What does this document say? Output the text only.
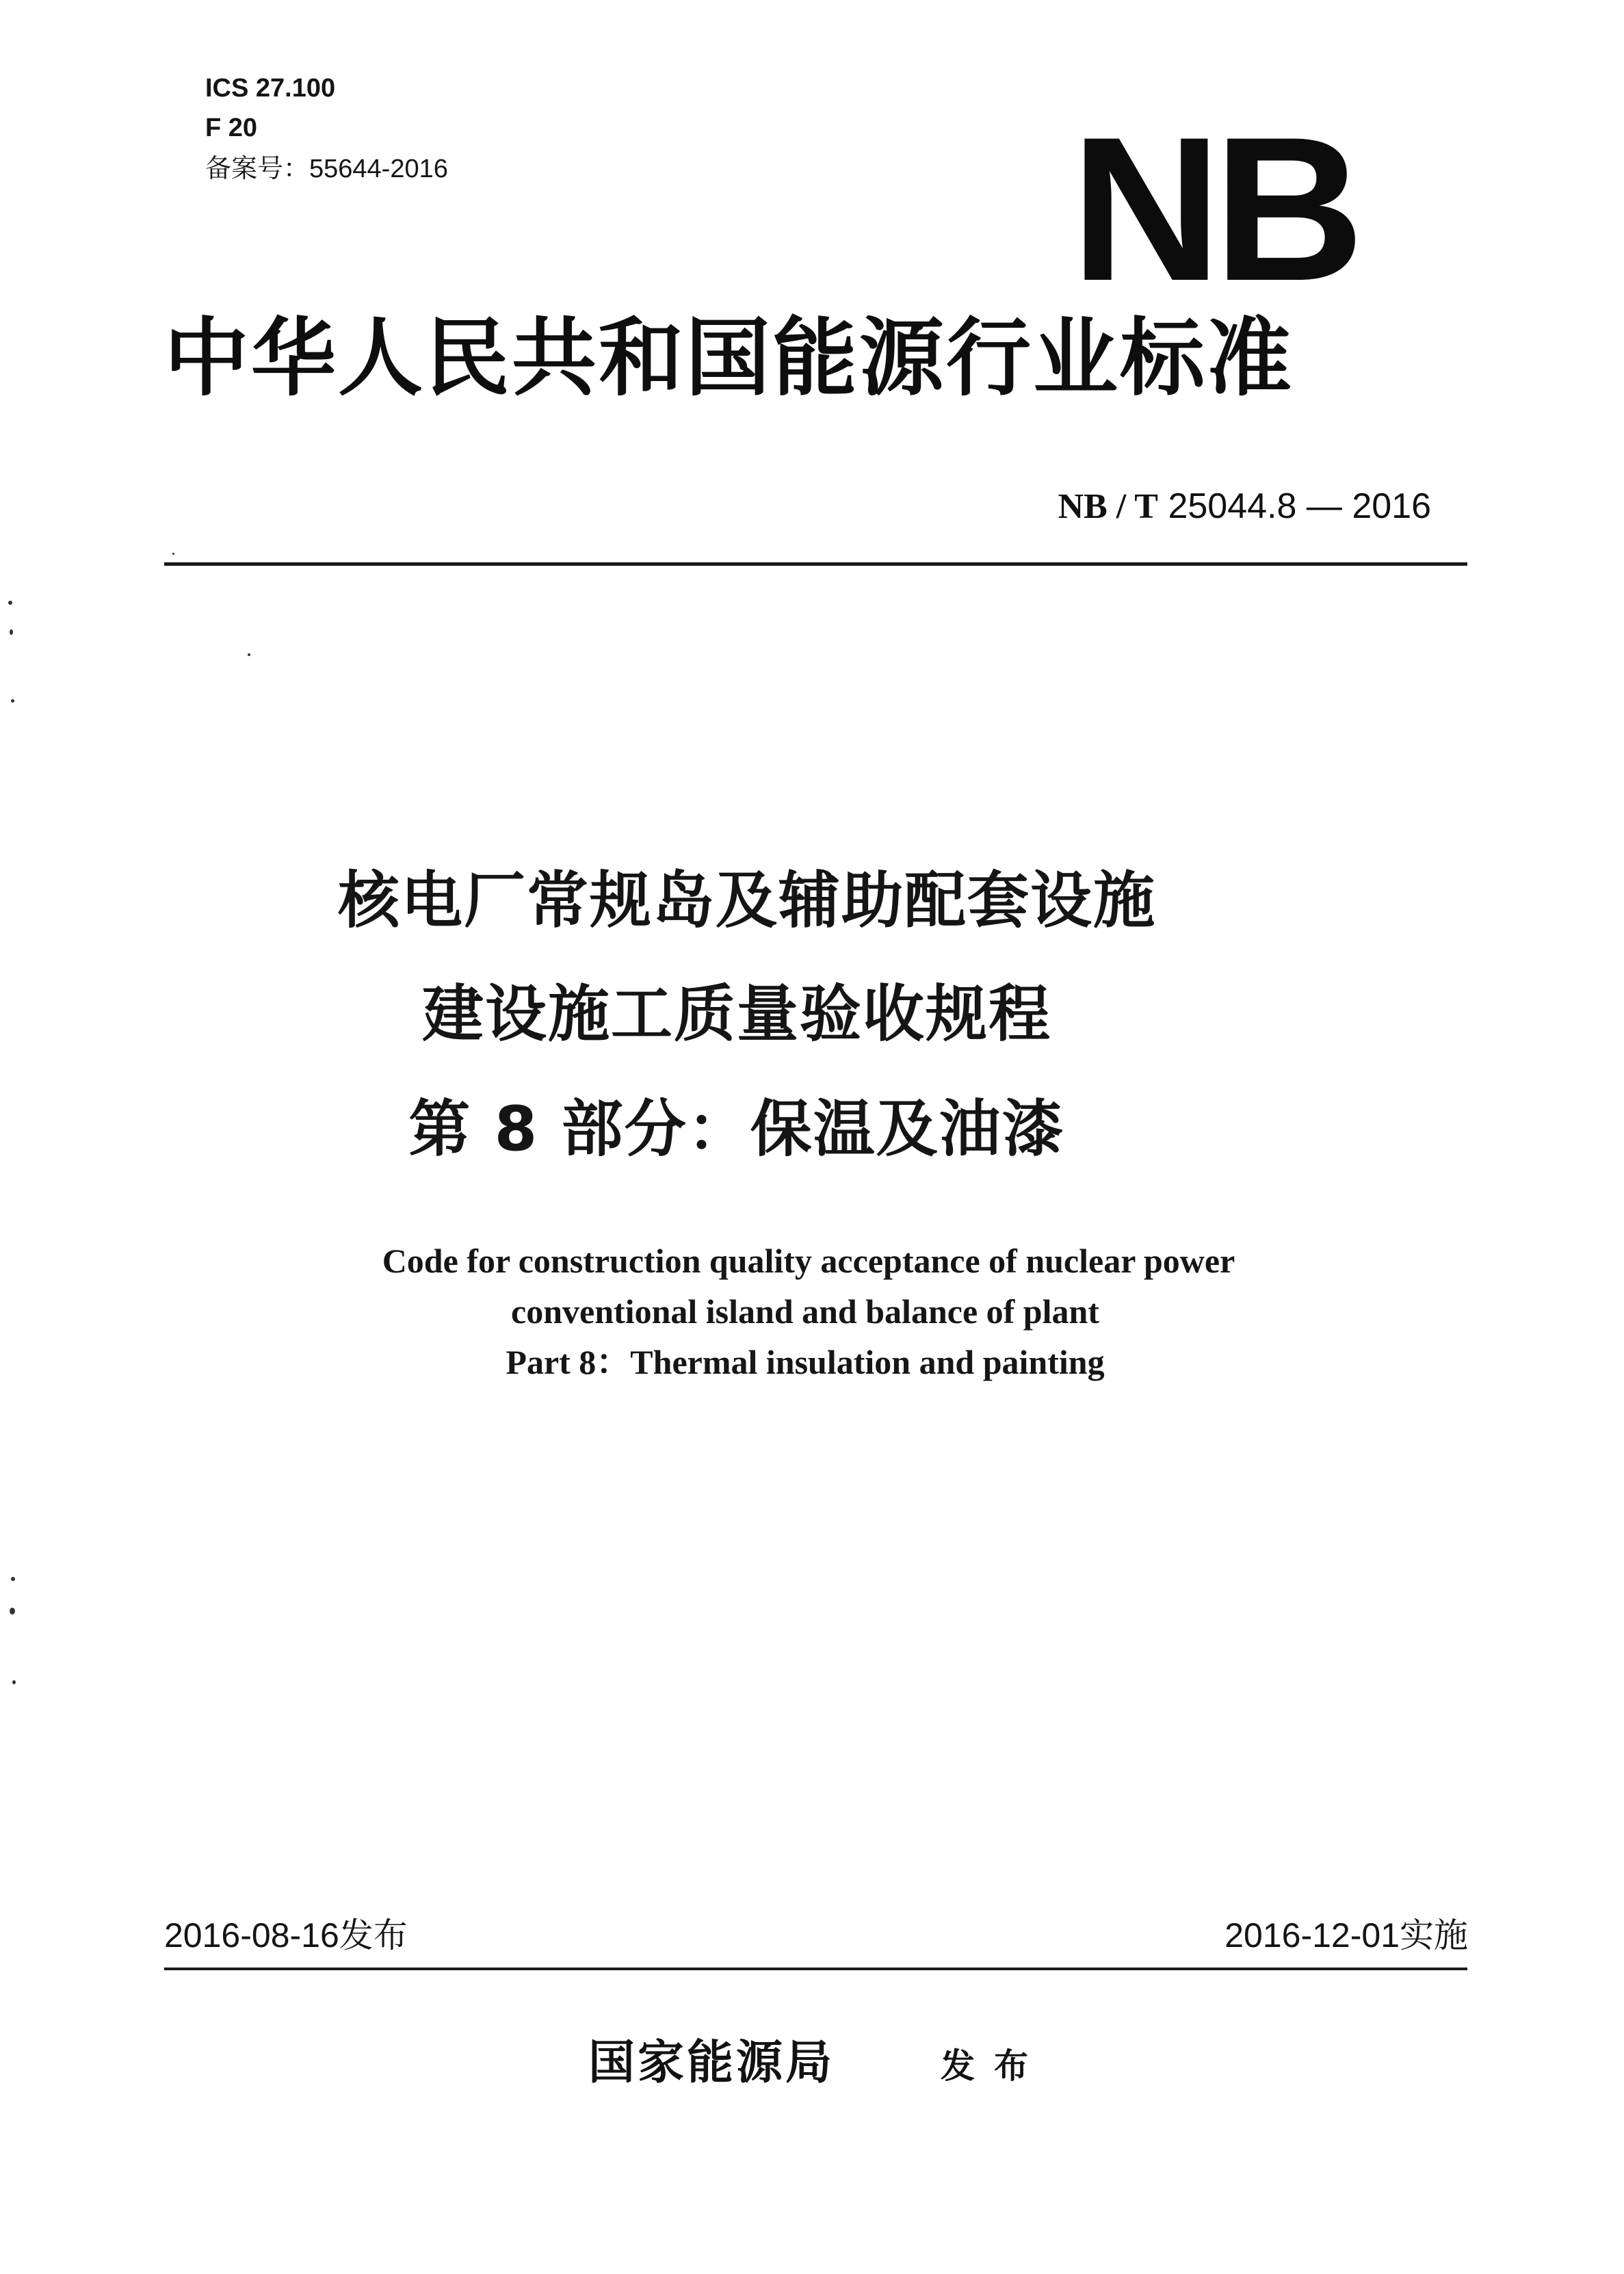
ICS 27.100
F 20
备案号：55644-2016	NB
中华人民共和国能源行业标准
NB / T 25044.8 — 2016
核电厂常规岛及辅助配套设施
建设施工质量验收规程
第 8 部分：保温及油漆
Code for construction quality acceptance of nuclear power
conventional island and balance of plant
Part 8：Thermal insulation and painting
2016-08-16发布	2016-12-01实施
国家能源局	发布
